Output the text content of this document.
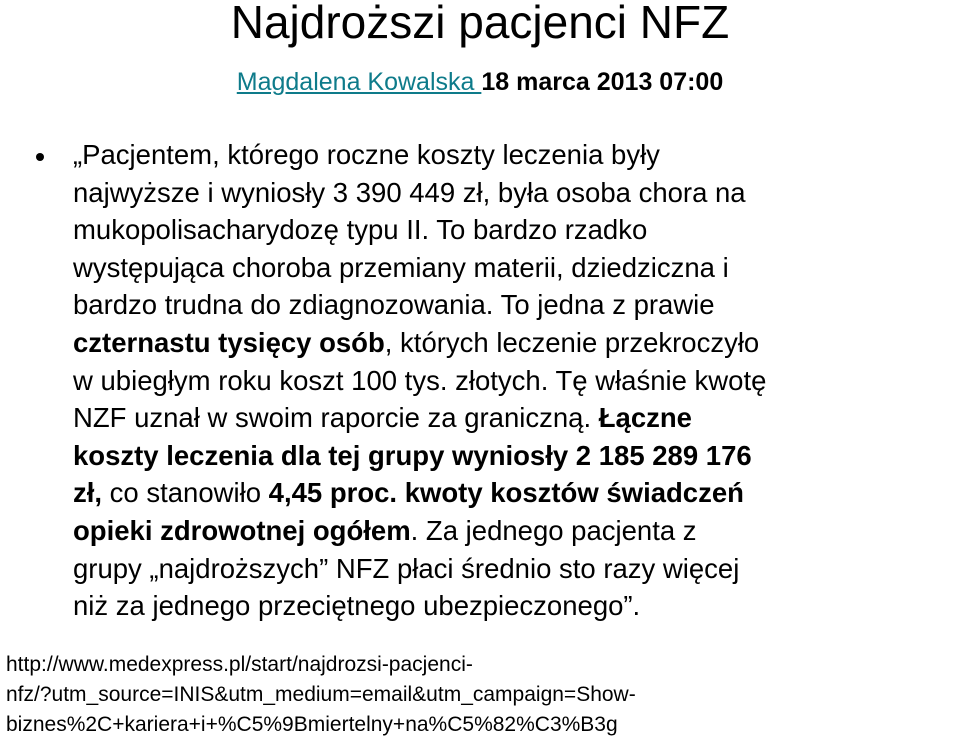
Najdroższi pacjenci NFZ
Magdalena Kowalska 18 marca 2013 07:00
„Pacjentem, którego roczne koszty leczenia były
najwyższe i wyniosły 3 390 449 zł, była osoba chora na
mukopolisacharydozę typu II. To bardzo rzadko
występująca choroba przemiany materii, dziedziczna i
bardzo trudna do zdiagnozowania. To jedna z prawie
czternastu tysięcy osób, których leczenie przekroczyło
w ubiegłym roku koszt 100 tys. złotych. Tę właśnie kwotę
NZF uznał w swoim raporcie za graniczną. Łączne
koszty leczenia dla tej grupy wyniosły 2 185 289 176
zł, co stanowiło 4,45 proc. kwoty kosztów świadczeń
opieki zdrowotnej ogółem. Za jednego pacjenta z
grupy „najdroższych” NFZ płaci średnio sto razy więcej
niż za jednego przeciętnego ubezpieczonego”.
http://www.medexpress.pl/start/najdrozsi-pacjenci-
nfz/?utm_source=INIS&utm_medium=email&utm_campaign=Show-
biznes%2C+kariera+i+%C5%9Bmiertelny+na%C5%82%C3%B3g
